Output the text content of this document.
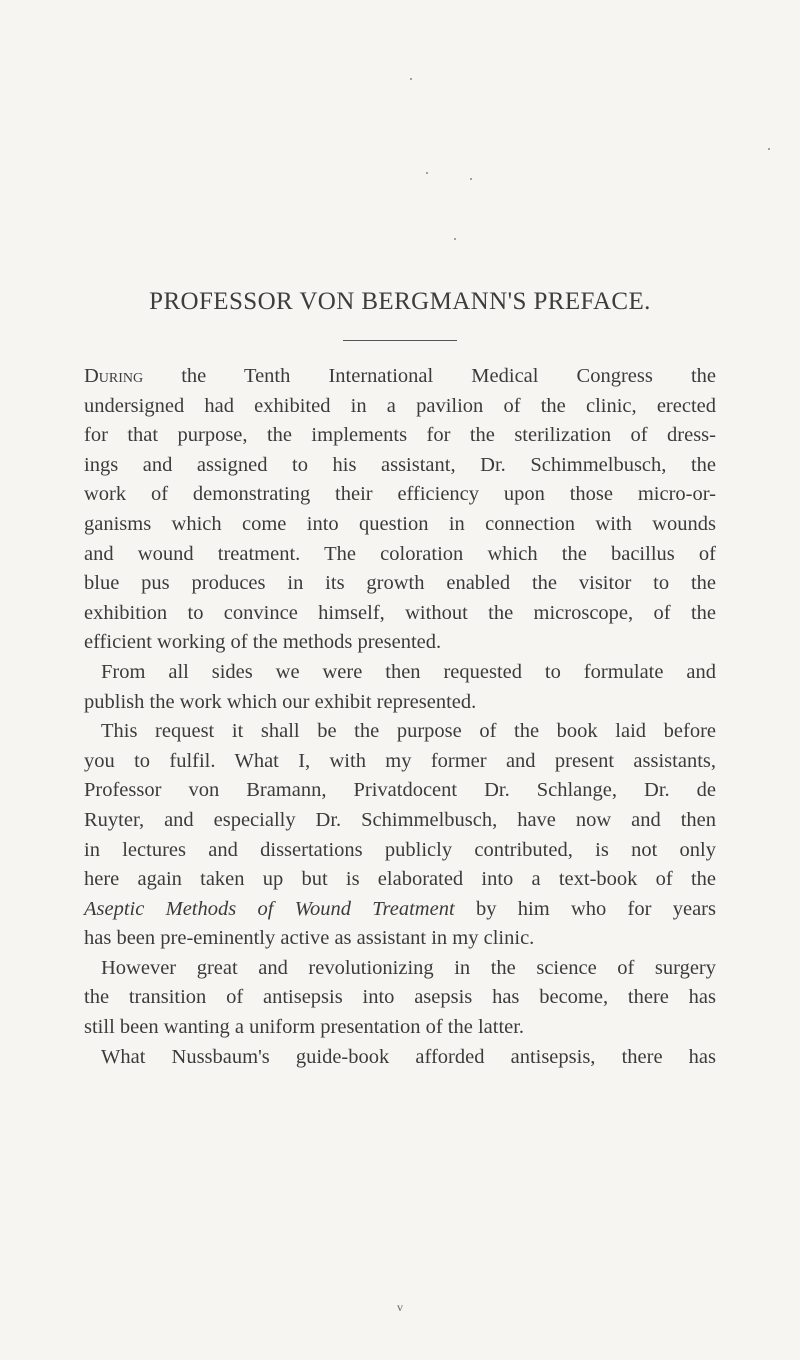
PROFESSOR VON BERGMANN'S PREFACE.
During the Tenth International Medical Congress the
undersigned had exhibited in a pavilion of the clinic, erected
for that purpose, the implements for the sterilization of dress-
ings and assigned to his assistant, Dr. Schimmelbusch, the
work of demonstrating their efficiency upon those micro-or-
ganisms which come into question in connection with wounds
and wound treatment. The coloration which the bacillus of
blue pus produces in its growth enabled the visitor to the
exhibition to convince himself, without the microscope, of the
efficient working of the methods presented.
From all sides we were then requested to formulate and
publish the work which our exhibit represented.
This request it shall be the purpose of the book laid before
you to fulfil. What I, with my former and present assistants,
Professor von Bramann, Privatdocent Dr. Schlange, Dr. de
Ruyter, and especially Dr. Schimmelbusch, have now and then
in lectures and dissertations publicly contributed, is not only
here again taken up but is elaborated into a text-book of the
Aseptic Methods of Wound Treatment by him who for years
has been pre-eminently active as assistant in my clinic.
However great and revolutionizing in the science of surgery
the transition of antisepsis into asepsis has become, there has
still been wanting a uniform presentation of the latter.
What Nussbaum's guide-book afforded antisepsis, there has
v
